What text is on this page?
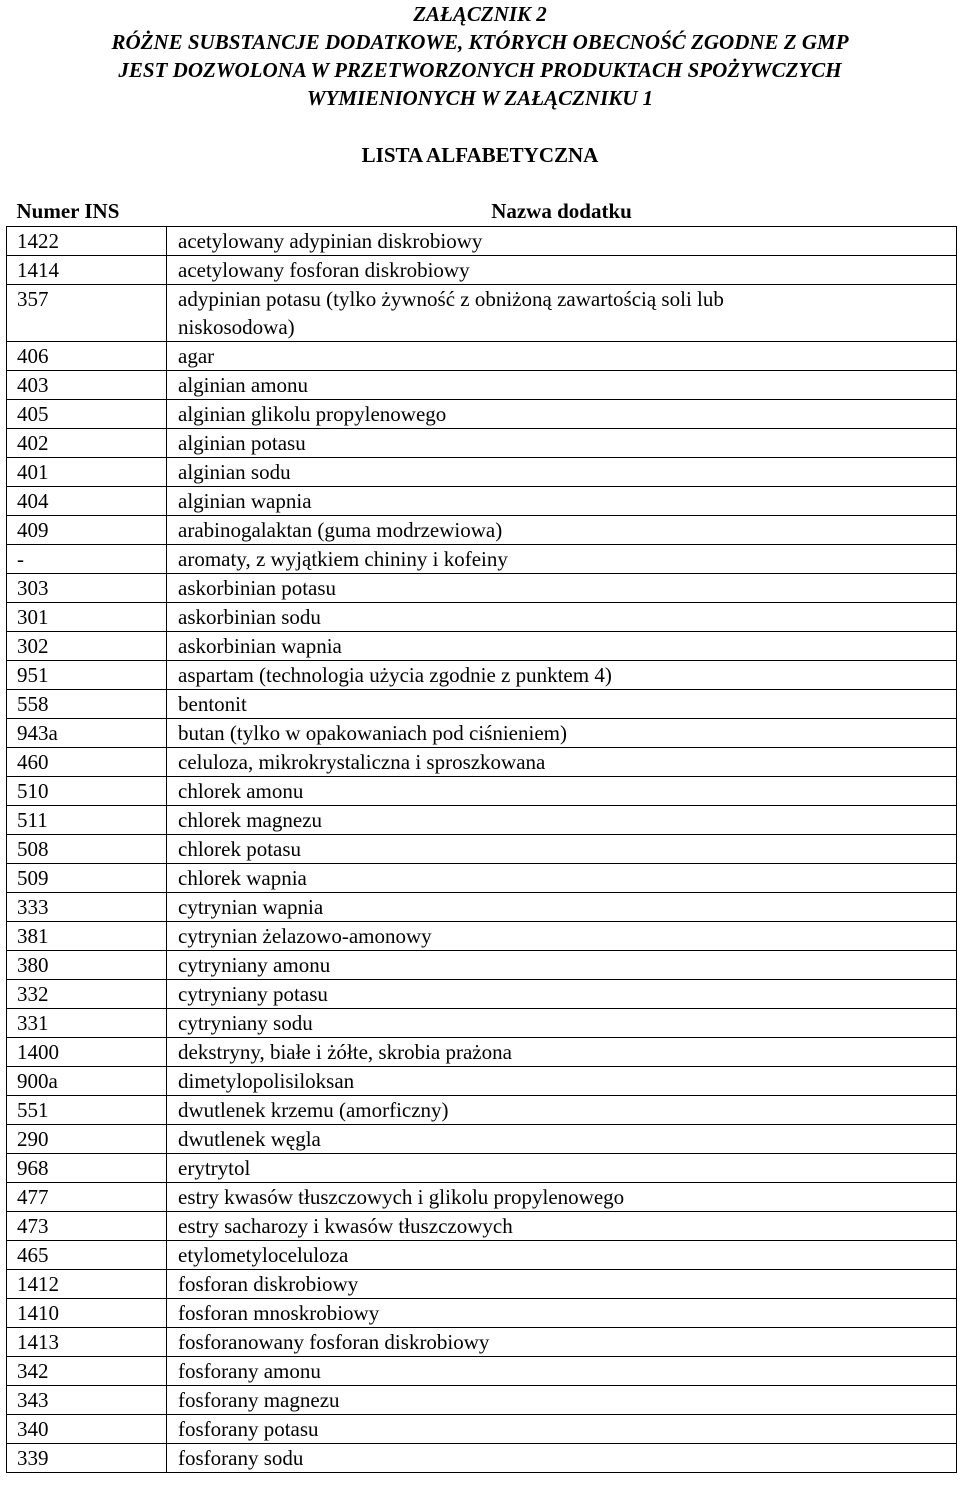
ZAŁĄCZNIK 2
RÓŻNE SUBSTANCJE DODATKOWE, KTÓRYCH OBECNOŚĆ ZGODNE Z GMP
JEST DOZWOLONA W PRZETWORZONYCH PRODUKTACH SPOŻYWCZYCH
WYMIENIONYCH W ZAŁĄCZNIKU 1
LISTA ALFABETYCZNA
Numer INS	Nazwa dodatku
1422	acetylowany adypinian diskrobiowy

1414	acetylowany fosforan diskrobiowy

357	adypinian potasu (tylko żywność z obniżoną zawartością soli lub
niskosodowa)

406	agar

403	alginian amonu

405	alginian glikolu propylenowego

402	alginian potasu

401	alginian sodu

404	alginian wapnia

409	arabinogalaktan (guma modrzewiowa)

-	aromaty, z wyjątkiem chininy i kofeiny

303	askorbinian potasu

301	askorbinian sodu

302	askorbinian wapnia

951	aspartam (technologia użycia zgodnie z punktem 4)

558	bentonit

943a	butan (tylko w opakowaniach pod ciśnieniem)

460	celuloza, mikrokrystaliczna i sproszkowana

510	chlorek amonu

511	chlorek magnezu

508	chlorek potasu

509	chlorek wapnia

333	cytrynian wapnia

381	cytrynian żelazowo-amonowy

380	cytryniany amonu

332	cytryniany potasu

331	cytryniany sodu

1400	dekstryny, białe i żółte, skrobia prażona

900a	dimetylopolisiloksan

551	dwutlenek krzemu (amorficzny)

290	dwutlenek węgla

968	erytrytol

477	estry kwasów tłuszczowych i glikolu propylenowego

473	estry sacharozy i kwasów tłuszczowych

465	etylometyloceluloza

1412	fosforan diskrobiowy

1410	fosforan mnoskrobiowy

1413	fosforanowany fosforan diskrobiowy

342	fosforany amonu

343	fosforany magnezu

340	fosforany potasu

339	fosforany sodu
